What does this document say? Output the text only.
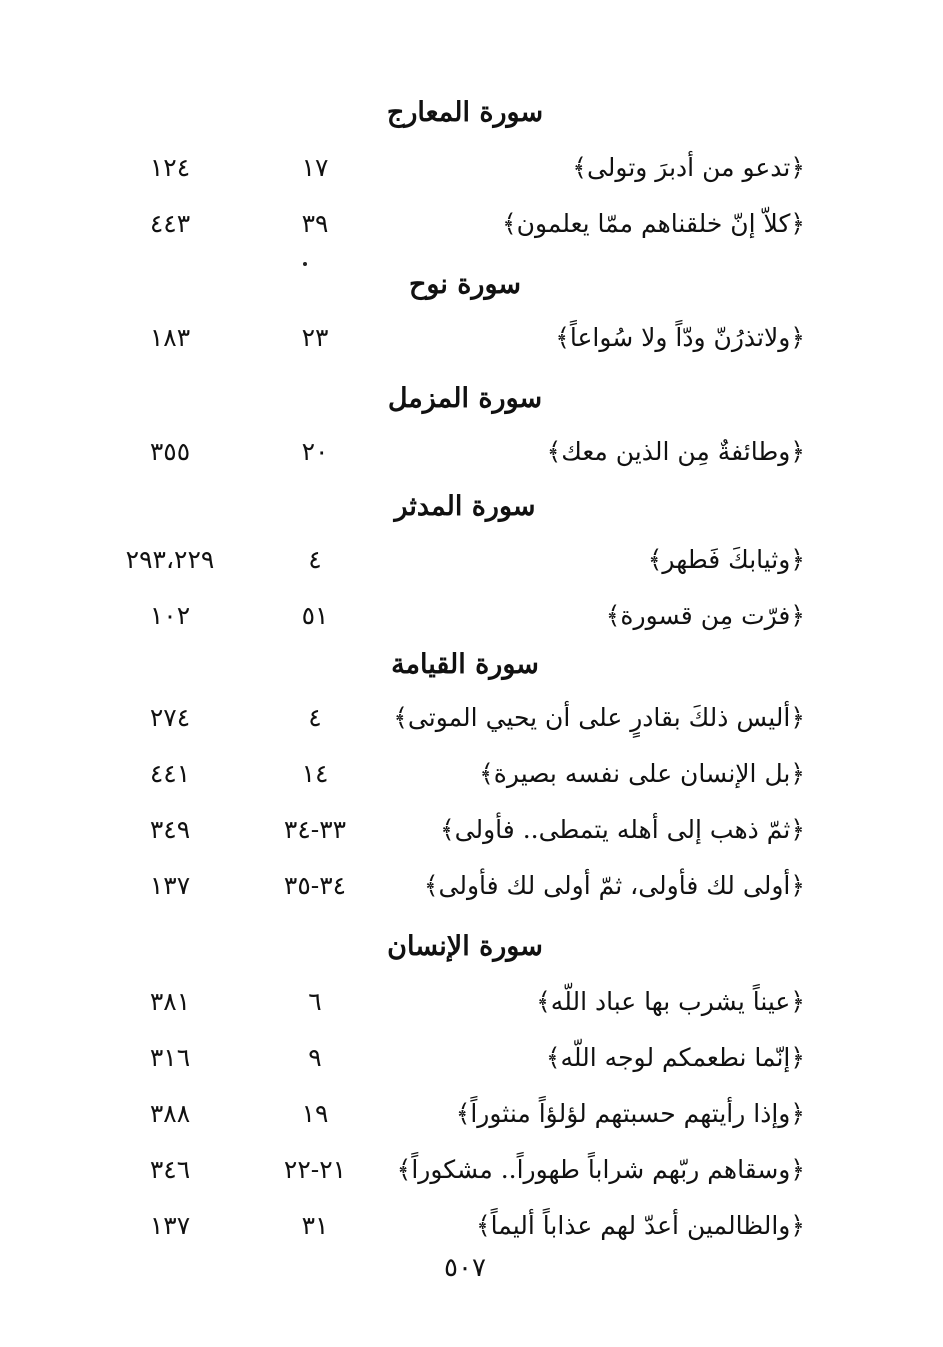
سورة المعارج
﴿تدعو من أدبرَ وتولى﴾
١٧
١٢٤
﴿كلاّ إنّ خلقناهم ممّا يعلمون﴾
٣٩
٤٤٣
سورة نوح
﴿ولاتذرُنّ ودّاً ولا سُواعاً﴾
٢٣
١٨٣
سورة المزمل
﴿وطائفةٌ مِن الذين معك﴾
٢٠
٣٥٥
سورة المدثر
﴿وثيابكَ فَطهر﴾
٤
٢٩٣،٢٢٩
﴿فرّت مِن قسورة﴾
٥١
١٠٢
سورة القيامة
﴿أليس ذلكَ بقادرٍ على أن يحيي الموتى﴾
٤
٢٧٤
﴿بل الإنسان على نفسه بصيرة﴾
١٤
٤٤١
﴿ثمّ ذهب إلى أهله يتمطى.. فأولى﴾
٣٣-٣٤
٣٤٩
﴿أولى لك فأولى، ثمّ أولى لك فأولى﴾
٣٤-٣٥
١٣٧
سورة الإنسان
﴿عيناً يشرب بها عباد اللّه﴾
٦
٣٨١
﴿إنّما نطعمكم لوجه اللّه﴾
٩
٣١٦
﴿وإذا رأيتهم حسبتهم لؤلؤاً منثوراً﴾
١٩
٣٨٨
﴿وسقاهم ربّهم شراباً طهوراً.. مشكوراً﴾
٢١-٢٢
٣٤٦
﴿والظالمين أعدّ لهم عذاباً أليماً﴾
٣١
١٣٧
٥٠٧
